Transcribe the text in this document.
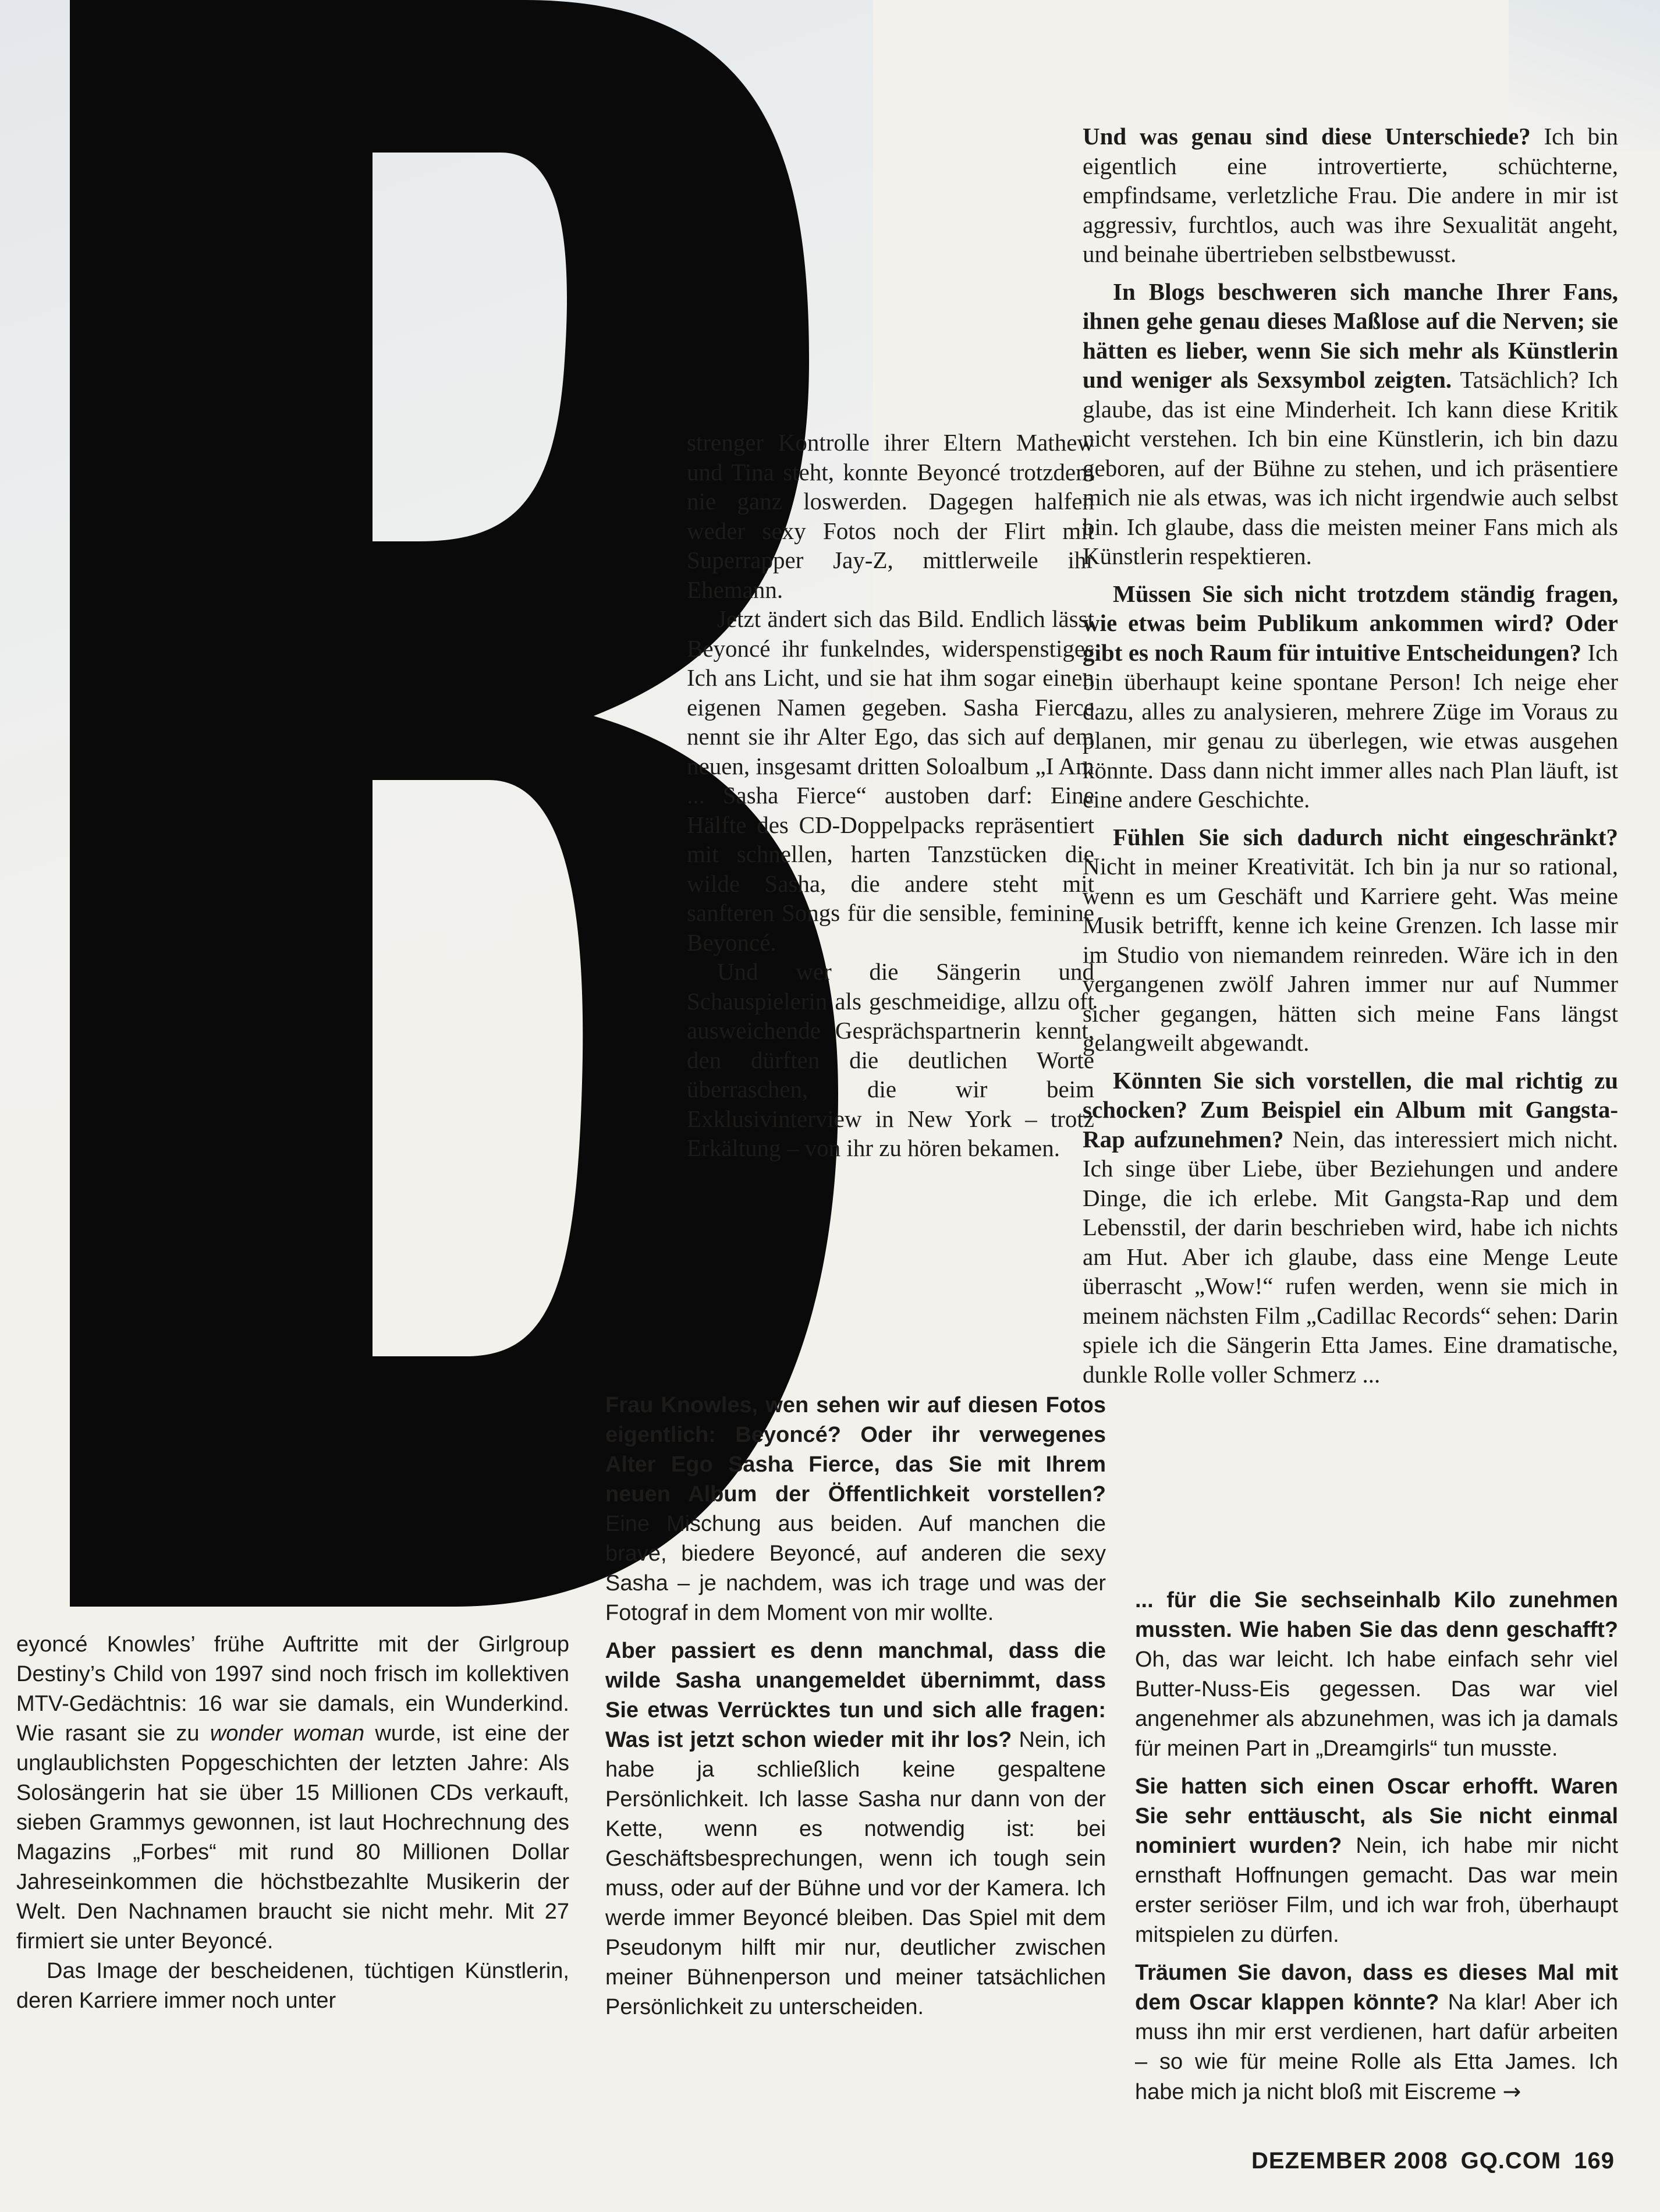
strenger Kontrolle ihrer Eltern Mathew und Tina steht, konnte Beyoncé trotzdem nie ganz loswerden. Dagegen halfen weder sexy Fotos noch der Flirt mit Superrapper Jay-Z, mittlerweile ihr Ehemann.

Jetzt ändert sich das Bild. Endlich lässt Beyoncé ihr funkelndes, widerspenstiges Ich ans Licht, und sie hat ihm sogar einen eigenen Namen gegeben. Sasha Fierce nennt sie ihr Alter Ego, das sich auf dem neuen, insgesamt dritten Soloalbum „I Am ... Sasha Fierce“ austoben darf: Eine Hälfte des CD-Doppelpacks repräsentiert mit schnellen, harten Tanzstücken die wilde Sasha, die andere steht mit sanfteren Songs für die sensible, feminine Beyoncé.

Und wer die Sängerin und Schauspielerin als geschmeidige, allzu oft ausweichende Gesprächspartnerin kennt, den dürften die deutlichen Worte überraschen, die wir beim Exklusivinterview in New York – trotz Erkältung – von ihr zu hören bekamen.

eyoncé Knowles’ frühe Auftritte mit der Girlgroup Destiny’s Child von 1997 sind noch frisch im kollektiven MTV-Gedächtnis: 16 war sie damals, ein Wunderkind. Wie rasant sie zu wonder woman wurde, ist eine der unglaublichsten Popgeschichten der letzten Jahre: Als Solosängerin hat sie über 15 Millionen CDs verkauft, sieben Grammys gewonnen, ist laut Hochrechnung des Magazins „Forbes“ mit rund 80 Millionen Dollar Jahreseinkommen die höchstbezahlte Musikerin der Welt. Den Nachnamen braucht sie nicht mehr. Mit 27 firmiert sie unter Beyoncé.

Das Image der bescheidenen, tüchtigen Künstlerin, deren Karriere immer noch unter

Frau Knowles, wen sehen wir auf diesen Fotos eigentlich: Beyoncé? Oder ihr verwegenes Alter Ego Sasha Fierce, das Sie mit Ihrem neuen Album der Öffentlichkeit vorstellen? Eine Mischung aus beiden. Auf manchen die brave, biedere Beyoncé, auf anderen die sexy Sasha – je nachdem, was ich trage und was der Fotograf in dem Moment von mir wollte.

Aber passiert es denn manchmal, dass die wilde Sasha unangemeldet übernimmt, dass Sie etwas Verrücktes tun und sich alle fragen: Was ist jetzt schon wieder mit ihr los? Nein, ich habe ja schließlich keine gespaltene Persönlichkeit. Ich lasse Sasha nur dann von der Kette, wenn es notwendig ist: bei Geschäftsbesprechungen, wenn ich tough sein muss, oder auf der Bühne und vor der Kamera. Ich werde immer Beyoncé bleiben. Das Spiel mit dem Pseudonym hilft mir nur, deutlicher zwischen meiner Bühnenperson und meiner tatsächlichen Persönlichkeit zu unterscheiden.

Und was genau sind diese Unterschiede? Ich bin eigentlich eine introvertierte, schüchterne, empfindsame, verletzliche Frau. Die andere in mir ist aggressiv, furchtlos, auch was ihre Sexualität angeht, und beinahe übertrieben selbstbewusst.

In Blogs beschweren sich manche Ihrer Fans, ihnen gehe genau dieses Maßlose auf die Nerven; sie hätten es lieber, wenn Sie sich mehr als Künstlerin und weniger als Sexsymbol zeigten. Tatsächlich? Ich glaube, das ist eine Minderheit. Ich kann diese Kritik nicht verstehen. Ich bin eine Künstlerin, ich bin dazu geboren, auf der Bühne zu stehen, und ich präsentiere mich nie als etwas, was ich nicht irgendwie auch selbst bin. Ich glaube, dass die meisten meiner Fans mich als Künstlerin respektieren.

Müssen Sie sich nicht trotzdem ständig fragen, wie etwas beim Publikum ankommen wird? Oder gibt es noch Raum für intuitive Entscheidungen? Ich bin überhaupt keine spontane Person! Ich neige eher dazu, alles zu analysieren, mehrere Züge im Voraus zu planen, mir genau zu überlegen, wie etwas ausgehen könnte. Dass dann nicht immer alles nach Plan läuft, ist eine andere Geschichte.

Fühlen Sie sich dadurch nicht eingeschränkt? Nicht in meiner Kreativität. Ich bin ja nur so rational, wenn es um Geschäft und Karriere geht. Was meine Musik betrifft, kenne ich keine Grenzen. Ich lasse mir im Studio von niemandem reinreden. Wäre ich in den vergangenen zwölf Jahren immer nur auf Nummer sicher gegangen, hätten sich meine Fans längst gelangweilt abgewandt.

Könnten Sie sich vorstellen, die mal richtig zu schocken? Zum Beispiel ein Album mit Gangsta-Rap aufzunehmen? Nein, das interessiert mich nicht. Ich singe über Liebe, über Beziehungen und andere Dinge, die ich erlebe. Mit Gangsta-Rap und dem Lebensstil, der darin beschrieben wird, habe ich nichts am Hut. Aber ich glaube, dass eine Menge Leute überrascht „Wow!“ rufen werden, wenn sie mich in meinem nächsten Film „Cadillac Records“ sehen: Darin spiele ich die Sängerin Etta James. Eine dramatische, dunkle Rolle voller Schmerz ...

... für die Sie sechseinhalb Kilo zunehmen mussten. Wie haben Sie das denn geschafft? Oh, das war leicht. Ich habe einfach sehr viel Butter-Nuss-Eis gegessen. Das war viel angenehmer als abzunehmen, was ich ja damals für meinen Part in „Dreamgirls“ tun musste.

Sie hatten sich einen Oscar erhofft. Waren Sie sehr enttäuscht, als Sie nicht einmal nominiert wurden? Nein, ich habe mir nicht ernsthaft Hoffnungen gemacht. Das war mein erster seriöser Film, und ich war froh, überhaupt mitspielen zu dürfen.

Träumen Sie davon, dass es dieses Mal mit dem Oscar klappen könnte? Na klar! Aber ich muss ihn mir erst verdienen, hart dafür arbeiten – so wie für meine Rolle als Etta James. Ich habe mich ja nicht bloß mit Eiscreme →

DEZEMBER 2008 GQ.COM 169
